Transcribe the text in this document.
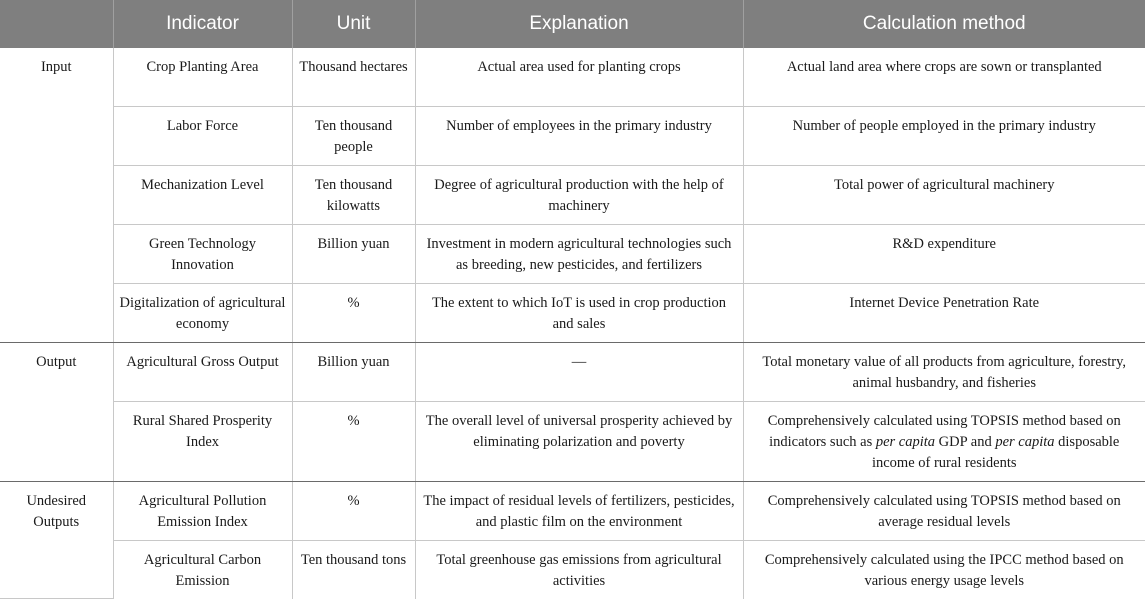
	Indicator	Unit	Explanation	Calculation method
Input	Crop Planting Area	Thousand hectares	Actual area used for planting crops	Actual land area where crops are sown or transplanted
	Labor Force	Ten thousand people	Number of employees in the primary industry	Number of people employed in the primary industry
	Mechanization Level	Ten thousand kilowatts	Degree of agricultural production with the help of machinery	Total power of agricultural machinery
	Green Technology Innovation	Billion yuan	Investment in modern agricultural technologies such as breeding, new pesticides, and fertilizers	R&D expenditure
	Digitalization of agricultural economy	%	The extent to which IoT is used in crop production and sales	Internet Device Penetration Rate
Output	Agricultural Gross Output	Billion yuan	—	Total monetary value of all products from agriculture, forestry, animal husbandry, and fisheries
	Rural Shared Prosperity Index	%	The overall level of universal prosperity achieved by eliminating polarization and poverty	Comprehensively calculated using TOPSIS method based on indicators such as per capita GDP and per capita disposable income of rural residents
Undesired Outputs	Agricultural Pollution Emission Index	%	The impact of residual levels of fertilizers, pesticides, and plastic film on the environment	Comprehensively calculated using TOPSIS method based on average residual levels
	Agricultural Carbon Emission	Ten thousand tons	Total greenhouse gas emissions from agricultural activities	Comprehensively calculated using the IPCC method based on various energy usage levels
